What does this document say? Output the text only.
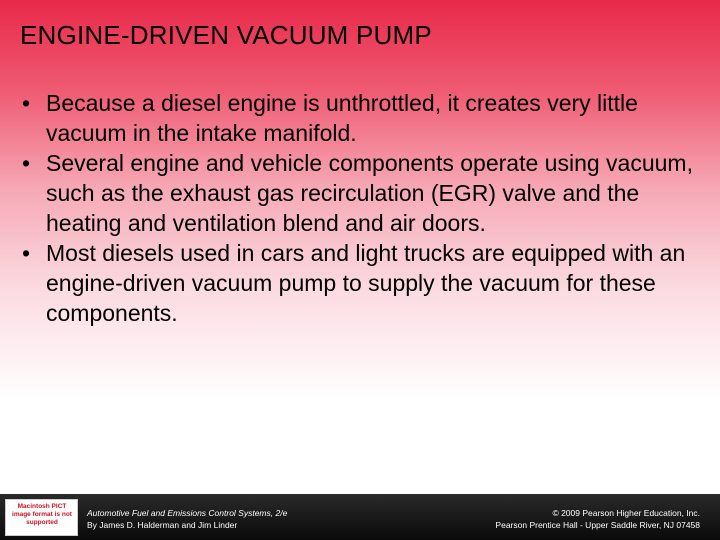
ENGINE-DRIVEN VACUUM PUMP
• Because a diesel engine is unthrottled, it creates very little vacuum in the intake manifold.
• Several engine and vehicle components operate using vacuum, such as the exhaust gas recirculation (EGR) valve and the heating and ventilation blend and air doors.
• Most diesels used in cars and light trucks are equipped with an engine-driven vacuum pump to supply the vacuum for these components.
Macintosh PICT image format is not supported
Automotive Fuel and Emissions Control Systems, 2/e
By James D. Halderman and Jim Linder
© 2009 Pearson Higher Education, Inc.
Pearson Prentice Hall - Upper Saddle River, NJ 07458
